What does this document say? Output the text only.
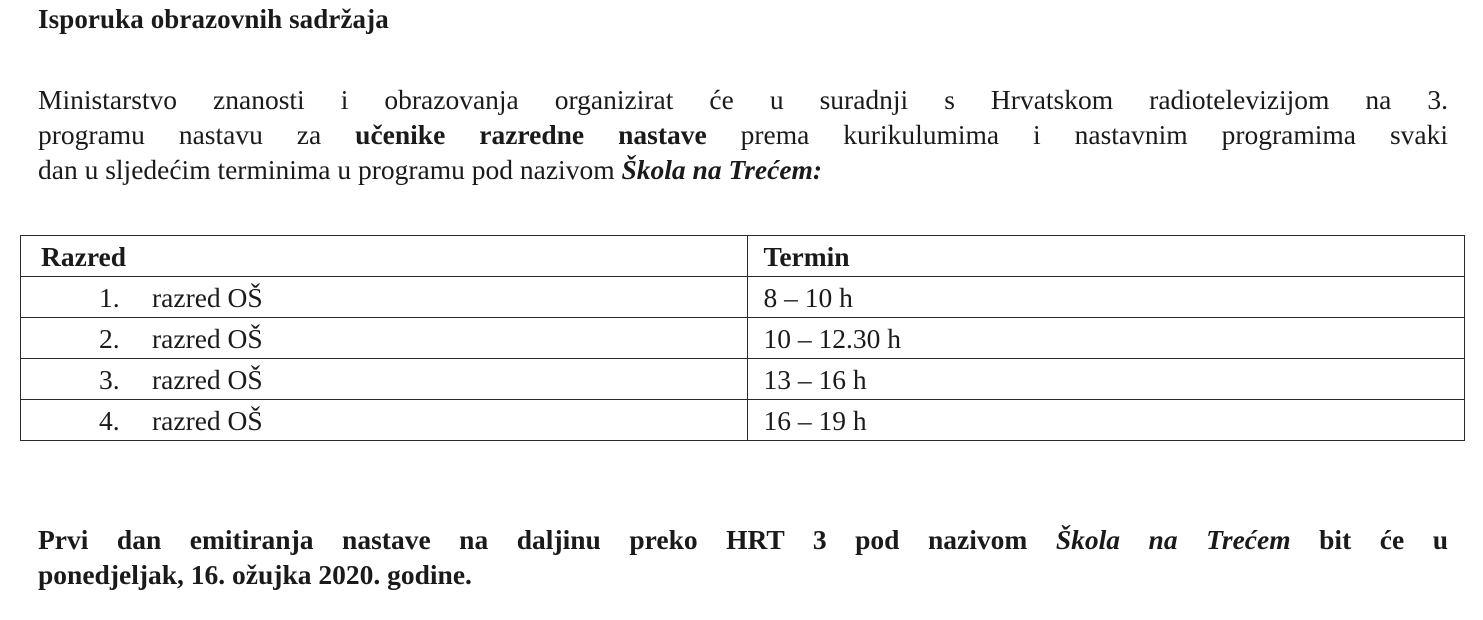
Isporuka obrazovnih sadržaja
Ministarstvo znanosti i obrazovanja organizirat će u suradnji s Hrvatskom radiotelevizijom na 3.
programu nastavu za učenike razredne nastave prema kurikulumima i nastavnim programima svaki
dan u sljedećim terminima u programu pod nazivom Škola na Trećem:
Razred	Termin
1. razred OŠ	8 – 10 h
2. razred OŠ	10 – 12.30 h
3. razred OŠ	13 – 16 h
4. razred OŠ	16 – 19 h
Prvi dan emitiranja nastave na daljinu preko HRT 3 pod nazivom Škola na Trećem bit će u
ponedjeljak, 16. ožujka 2020. godine.
